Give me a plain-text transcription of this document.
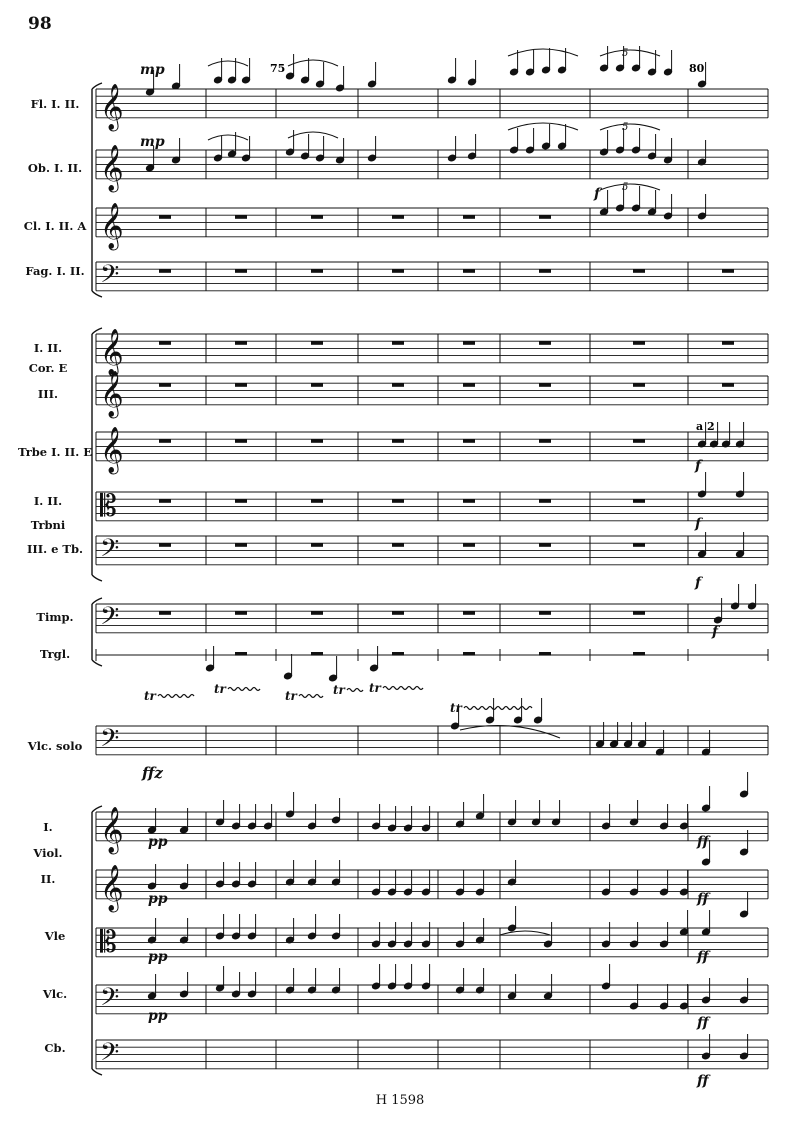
98
Fl. I. II.
Ob. I. II.
Cl. I. II. A
Fag. I. II.
I. II.
Cor. E
III.
Trbe I. II. E
I. II.
Trbni
III. e Tb.
Timp.
Trgl.
Vlc. solo
I.
Viol.
II.
Vle
Vlc.
Cb.
𝄞
𝄞
𝄞
𝄢
𝄞
𝄞
𝄞
𝄡
𝄢
𝄢
𝄢
𝄞
𝄞
𝄡
𝄢
𝄢
75	80
mp
mp
f
f
f
f
f
ffz
pp
pp
pp
pp
ff
ff
ff
ff
ff
a 2
5
5
5
tr	tr	tr	tr tr
tr
H 1598
